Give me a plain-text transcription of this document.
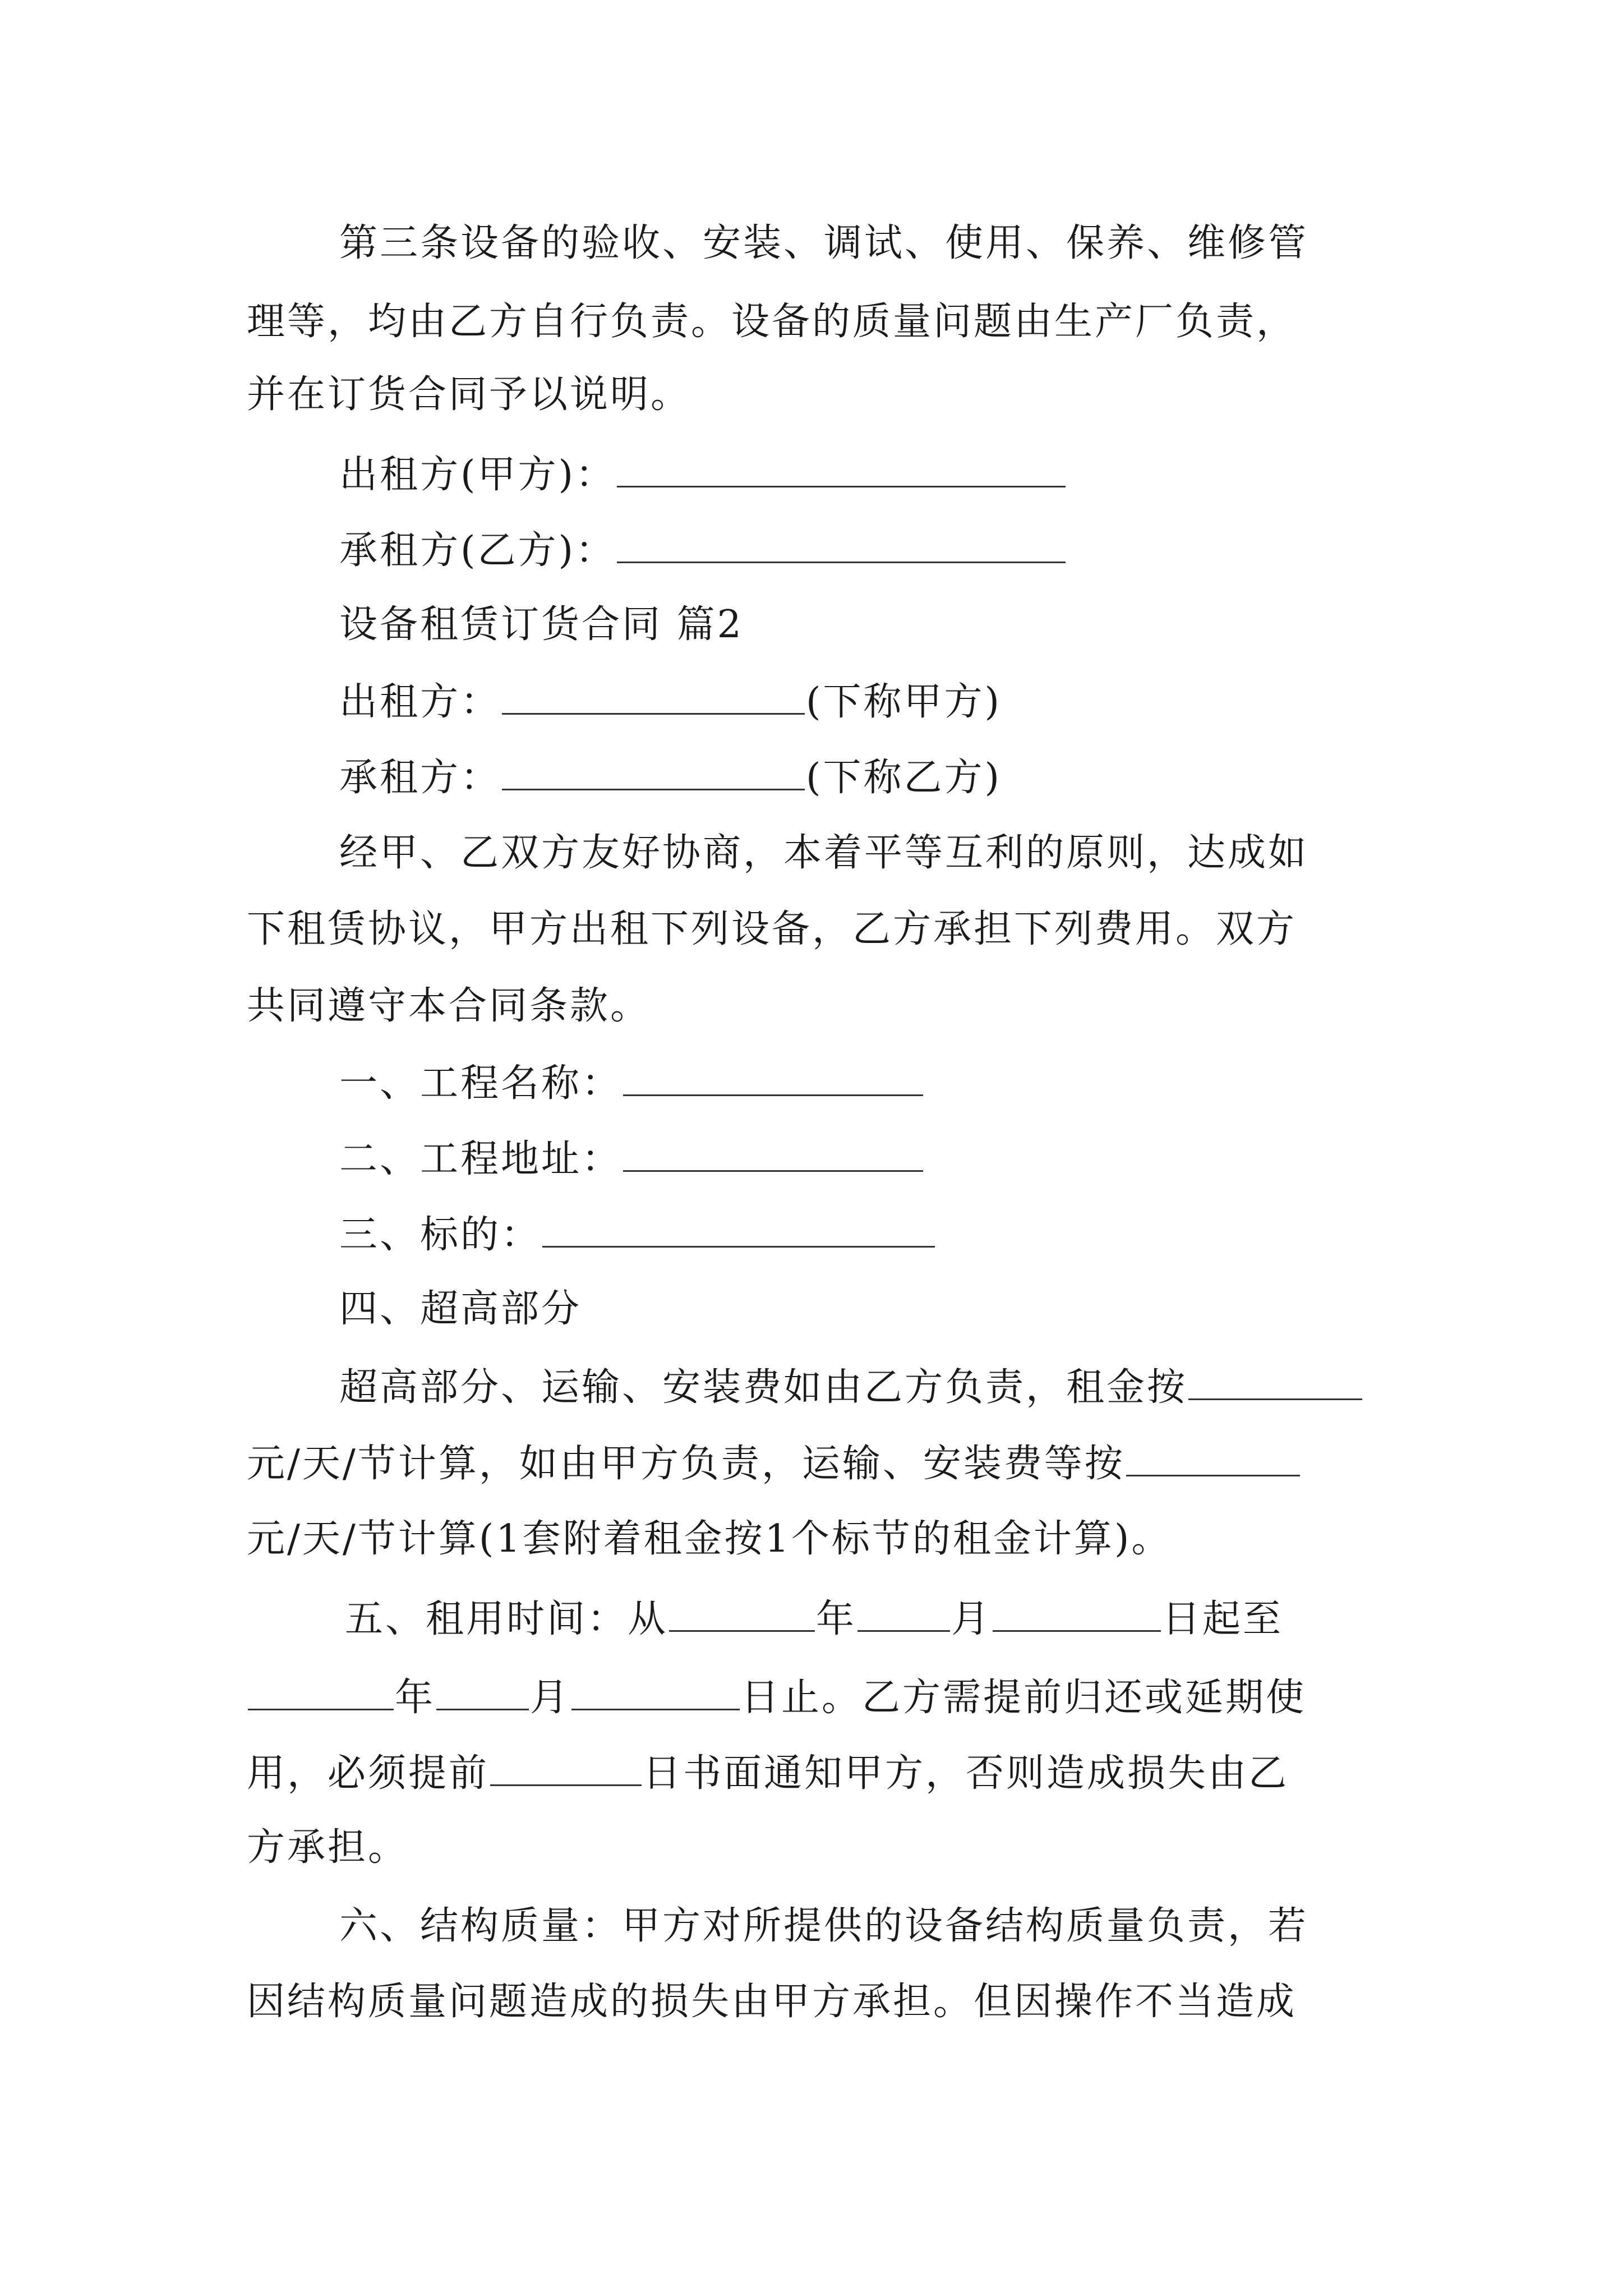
第三条设备的验收、安装、调试、使用、保养、维修管
理等，均由乙方自行负责。设备的质量问题由生产厂负责，
并在订货合同予以说明。
出租方(甲方)：
承租方(乙方)：
设备租赁订货合同 篇2
出租方：	(下称甲方)
承租方：	(下称乙方)
经甲、乙双方友好协商，本着平等互利的原则，达成如
下租赁协议，甲方出租下列设备，乙方承担下列费用。双方
共同遵守本合同条款。
一、工程名称：
二、工程地址：
三、标的：
四、超高部分
超高部分、运输、安装费如由乙方负责，租金按
元/天/节计算，如由甲方负责，运输、安装费等按
元/天/节计算(1套附着租金按1个标节的租金计算)。
五、租用时间：从	年 月	日起至
年 月	日止。乙方需提前归还或延期使
用，必须提前	日书面通知甲方，否则造成损失由乙
方承担。
六、结构质量：甲方对所提供的设备结构质量负责，若
因结构质量问题造成的损失由甲方承担。但因操作不当造成
